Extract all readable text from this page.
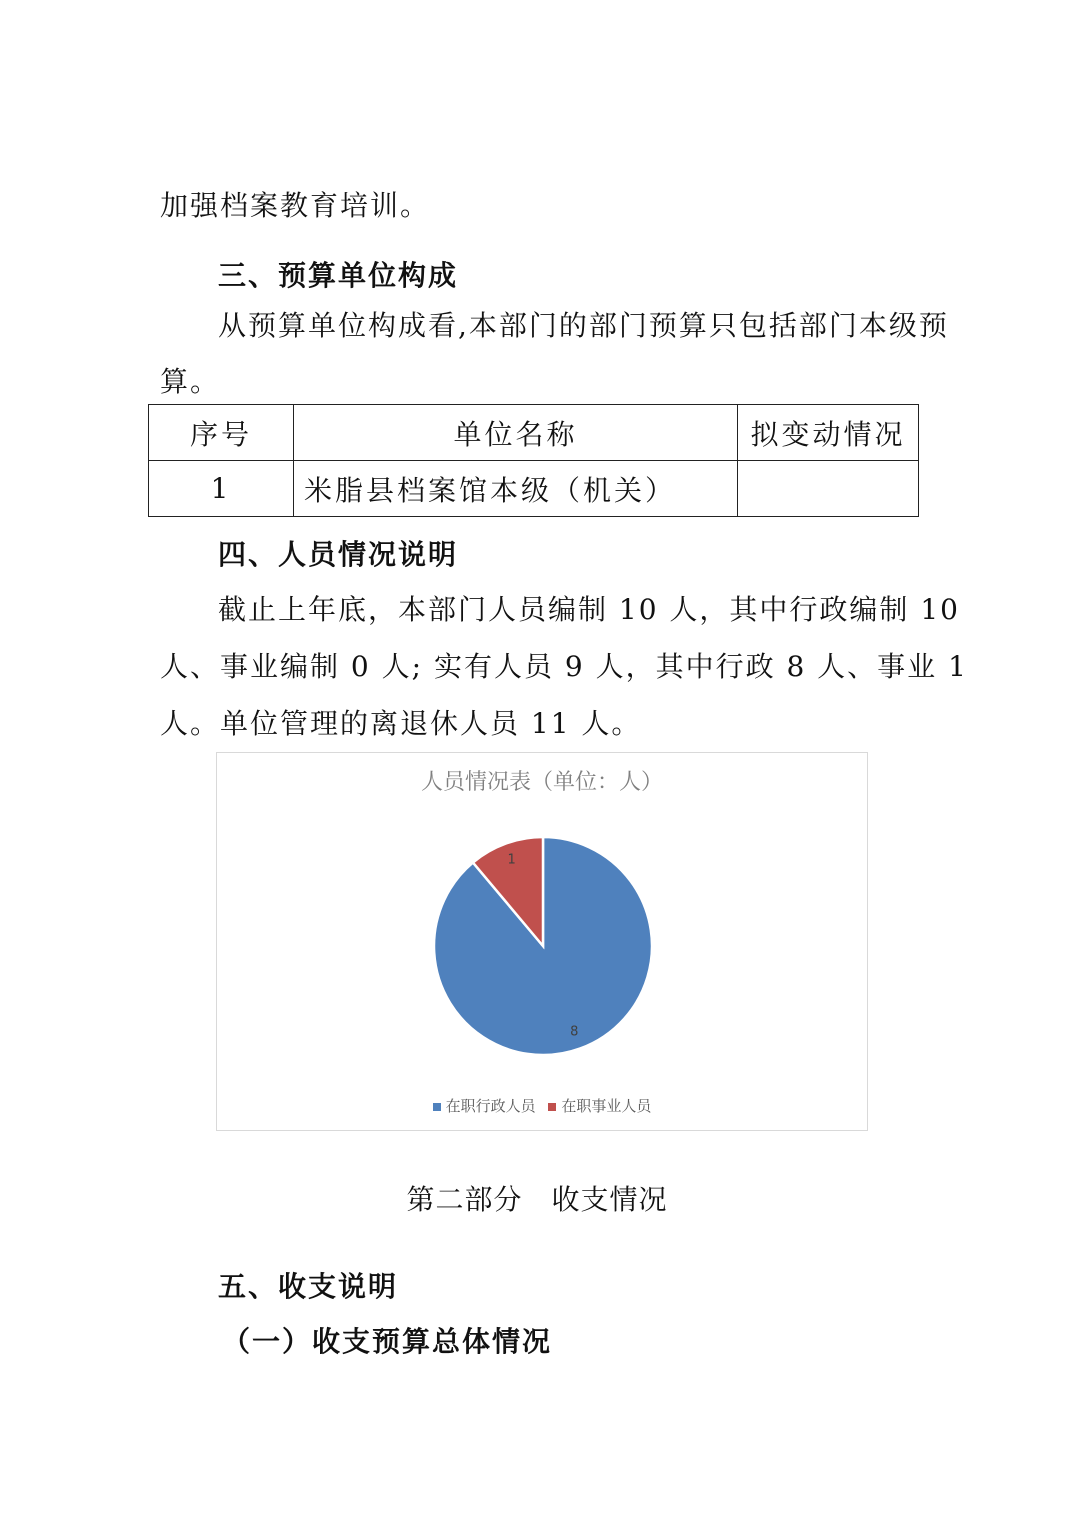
加强档案教育培训。
三、预算单位构成
从预算单位构成看,本部门的部门预算只包括部门本级预
算。
序号	单位名称	拟变动情况
1	米脂县档案馆本级（机关）	
四、人员情况说明
截止上年底，本部门人员编制 10 人，其中行政编制 10
人、事业编制 0 人; 实有人员 9 人，其中行政 8 人、事业 1
人。单位管理的离退休人员 11 人。
人员情况表（单位：人）
8
1
在职行政人员 在职事业人员
第二部分　收支情况
五、收支说明
（一）收支预算总体情况
